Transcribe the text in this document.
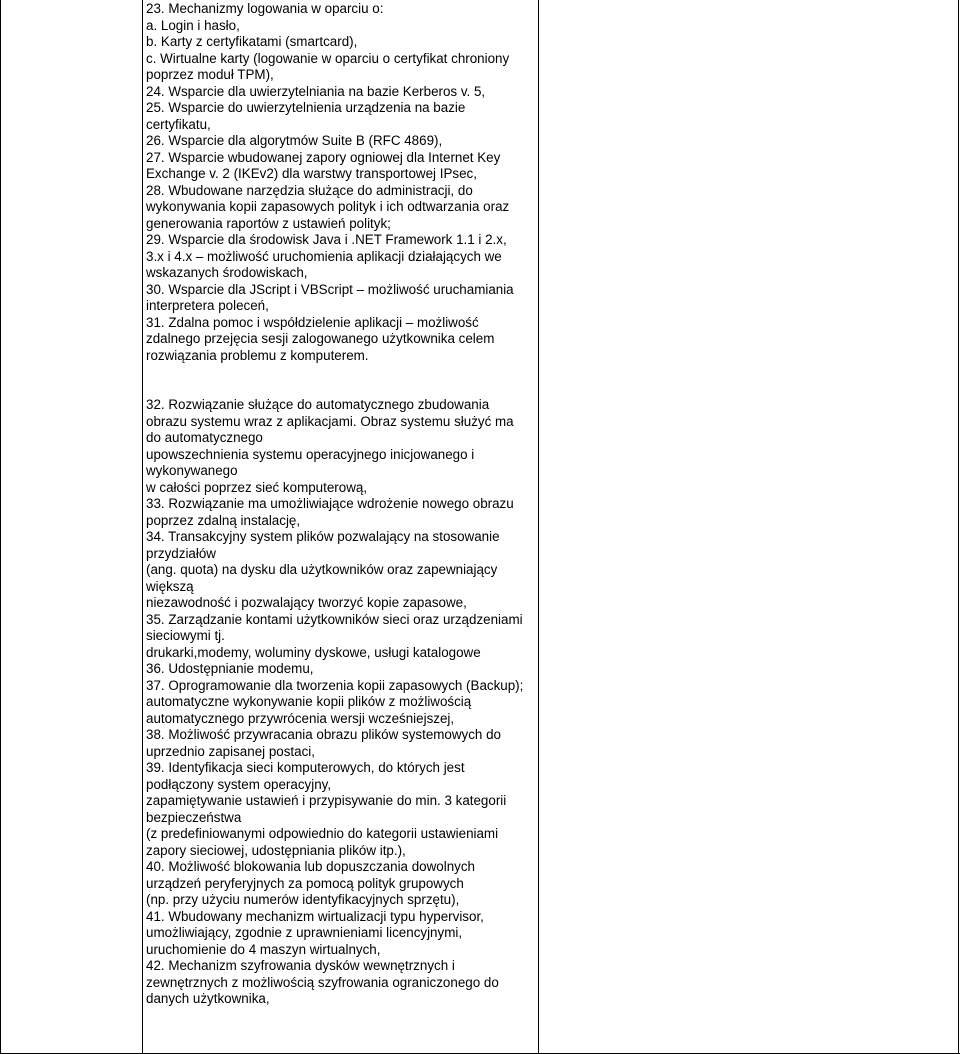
23. Mechanizmy logowania w oparciu o:
a. Login i hasło,
b. Karty z certyfikatami (smartcard),
c. Wirtualne karty (logowanie w oparciu o certyfikat chroniony
poprzez moduł TPM),
24. Wsparcie dla uwierzytelniania na bazie Kerberos v. 5,
25. Wsparcie do uwierzytelnienia urządzenia na bazie
certyfikatu,
26. Wsparcie dla algorytmów Suite B (RFC 4869),
27. Wsparcie wbudowanej zapory ogniowej dla Internet Key
Exchange v. 2 (IKEv2) dla warstwy transportowej IPsec,
28. Wbudowane narzędzia służące do administracji, do
wykonywania kopii zapasowych polityk i ich odtwarzania oraz
generowania raportów z ustawień polityk;
29. Wsparcie dla środowisk Java i .NET Framework 1.1 i 2.x,
3.x i 4.x – możliwość uruchomienia aplikacji działających we
wskazanych środowiskach,
30. Wsparcie dla JScript i VBScript – możliwość uruchamiania
interpretera poleceń,
31. Zdalna pomoc i współdzielenie aplikacji – możliwość
zdalnego przejęcia sesji zalogowanego użytkownika celem
rozwiązania problemu z komputerem.
32. Rozwiązanie służące do automatycznego zbudowania
obrazu systemu wraz z aplikacjami. Obraz systemu służyć ma
do automatycznego
upowszechnienia systemu operacyjnego inicjowanego i
wykonywanego
w całości poprzez sieć komputerową,
33. Rozwiązanie ma umożliwiające wdrożenie nowego obrazu
poprzez zdalną instalację,
34. Transakcyjny system plików pozwalający na stosowanie
przydziałów
(ang. quota) na dysku dla użytkowników oraz zapewniający
większą
niezawodność i pozwalający tworzyć kopie zapasowe,
35. Zarządzanie kontami użytkowników sieci oraz urządzeniami
sieciowymi tj.
drukarki,modemy, woluminy dyskowe, usługi katalogowe
36. Udostępnianie modemu,
37. Oprogramowanie dla tworzenia kopii zapasowych (Backup);
automatyczne wykonywanie kopii plików z możliwością
automatycznego przywrócenia wersji wcześniejszej,
38. Możliwość przywracania obrazu plików systemowych do
uprzednio zapisanej postaci,
39. Identyfikacja sieci komputerowych, do których jest
podłączony system operacyjny,
zapamiętywanie ustawień i przypisywanie do min. 3 kategorii
bezpieczeństwa
(z predefiniowanymi odpowiednio do kategorii ustawieniami
zapory sieciowej, udostępniania plików itp.),
40. Możliwość blokowania lub dopuszczania dowolnych
urządzeń peryferyjnych za pomocą polityk grupowych
(np. przy użyciu numerów identyfikacyjnych sprzętu),
41. Wbudowany mechanizm wirtualizacji typu hypervisor,
umożliwiający, zgodnie z uprawnieniami licencyjnymi,
uruchomienie do 4 maszyn wirtualnych,
42. Mechanizm szyfrowania dysków wewnętrznych i
zewnętrznych z możliwością szyfrowania ograniczonego do
danych użytkownika,
